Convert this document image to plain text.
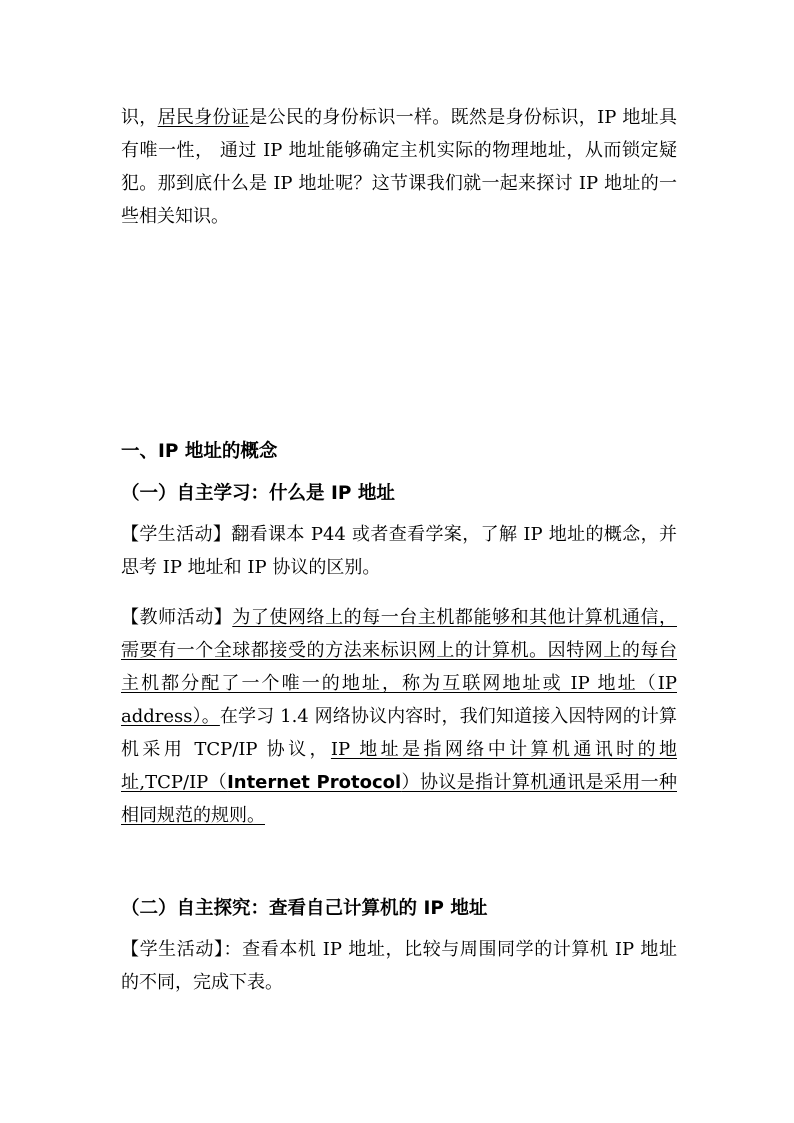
识，居民身份证是公民的身份标识一样。既然是身份标识，IP 地址具有唯一性， 通过 IP 地址能够确定主机实际的物理地址，从而锁定疑犯。那到底什么是 IP 地址呢？这节课我们就一起来探讨 IP 地址的一些相关知识。

一、IP 地址的概念

（一）自主学习：什么是 IP 地址

【学生活动】翻看课本 P44 或者查看学案，了解 IP 地址的概念，并思考 IP 地址和 IP 协议的区别。

【教师活动】为了使网络上的每一台主机都能够和其他计算机通信，需要有一个全球都接受的方法来标识网上的计算机。因特网上的每台主机都分配了一个唯一的地址，称为互联网地址或 IP 地址（IP address）。在学习 1.4 网络协议内容时，我们知道接入因特网的计算机采用 TCP/IP 协议，IP 地址是指网络中计算机通讯时的地址,TCP/IP（Internet Protocol）协议是指计算机通讯是采用一种相同规范的规则。

（二）自主探究：查看自己计算机的 IP 地址

【学生活动】：查看本机 IP 地址，比较与周围同学的计算机 IP 地址的不同，完成下表。
